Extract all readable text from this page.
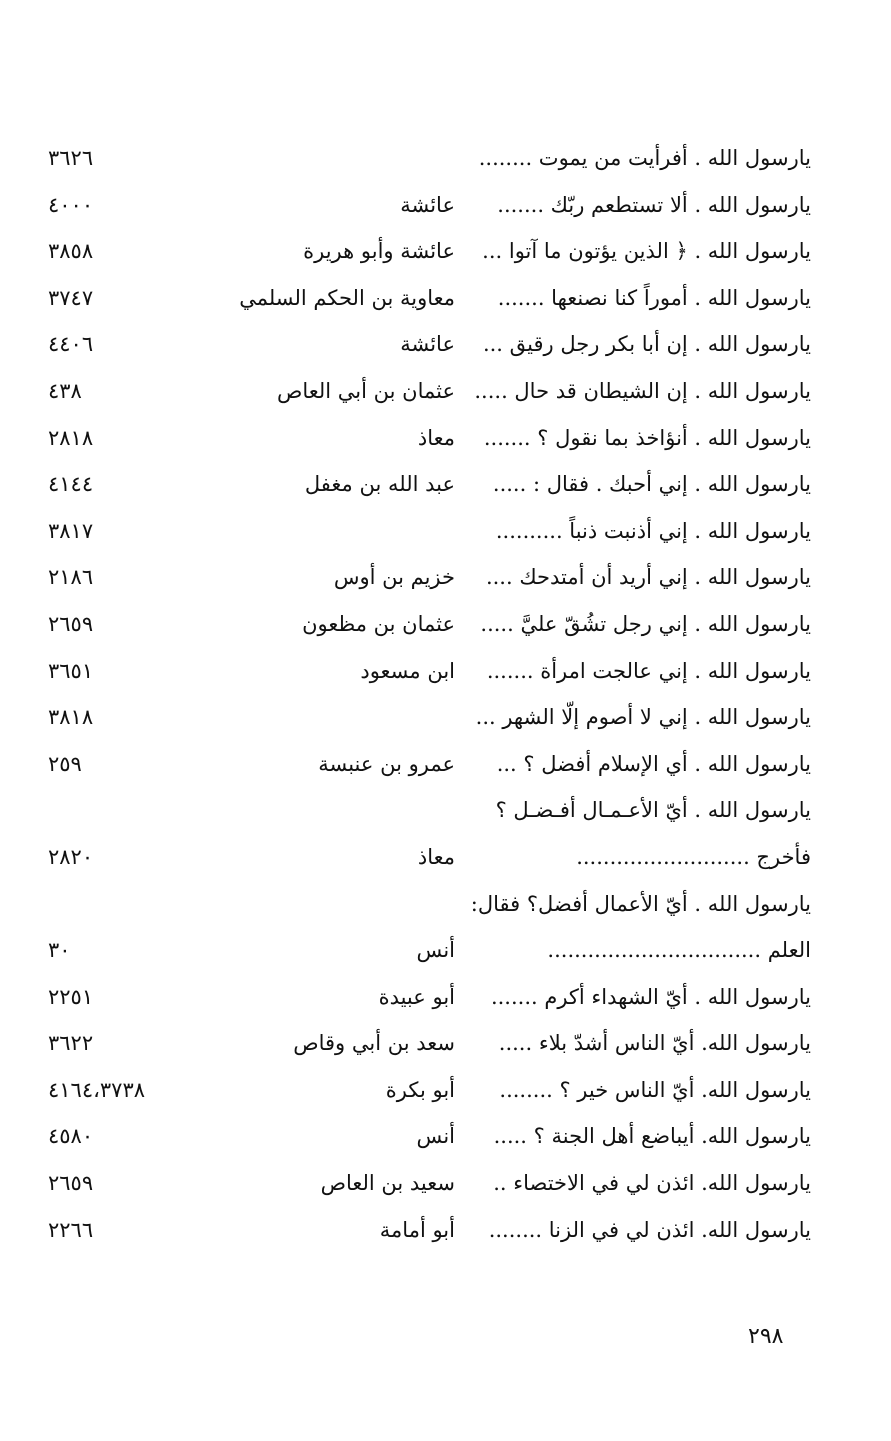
يارسول الله . أفرأيت من يموت ........
٣٦٢٦
يارسول الله . ألا تستطعم ربّك .......
عائشة
٤٠٠٠
يارسول الله . ﴿ الذين يؤتون ما آتوا ...
عائشة وأبو هريرة
٣٨٥٨
يارسول الله . أموراً كنا نصنعها .......
معاوية بن الحكم السلمي
٣٧٤٧
يارسول الله . إن أبا بكر رجل رقيق ...
عائشة
٤٤٠٦
يارسول الله . إن الشيطان قد حال .....
عثمان بن أبي العاص
٤٣٨
يارسول الله . أنؤاخذ بما نقول ؟ .......
معاذ
٢٨١٨
يارسول الله . إني أحبك . فقال : .....
عبد الله بن مغفل
٤١٤٤
يارسول الله . إني أذنبت ذنباً ..........
٣٨١٧
يارسول الله . إني أريد أن أمتدحك ....
خزيم بن أوس
٢١٨٦
يارسول الله . إني رجل تشُقّ عليَّ .....
عثمان بن مظعون
٢٦٥٩
يارسول الله . إني عالجت امرأة .......
ابن مسعود
٣٦٥١
يارسول الله . إني لا أصوم إلّا الشهر ...
٣٨١٨
يارسول الله . أي الإسلام أفضل ؟ ...
عمرو بن عنبسة
٢٥٩
يارسول الله . أيّ الأعـمـال أفـضـل ؟
فأخرج ..........................
معاذ
٢٨٢٠
يارسول الله . أيّ الأعمال أفضل؟ فقال:
العلم ................................
أنس
٣٠
يارسول الله . أيّ الشهداء أكرم .......
أبو عبيدة
٢٢٥١
يارسول الله. أيّ الناس أشدّ بلاء .....
سعد بن أبي وقاص
٣٦٢٢
يارسول الله. أيّ الناس خير ؟ ........
أبو بكرة
٤١٦٤،٣٧٣٨
يارسول الله. أيباضع أهل الجنة ؟ .....
أنس
٤٥٨٠
يارسول الله. ائذن لي في الاختصاء ..
سعيد بن العاص
٢٦٥٩
يارسول الله. ائذن لي في الزنا ........
أبو أمامة
٢٢٦٦
٢٩٨
